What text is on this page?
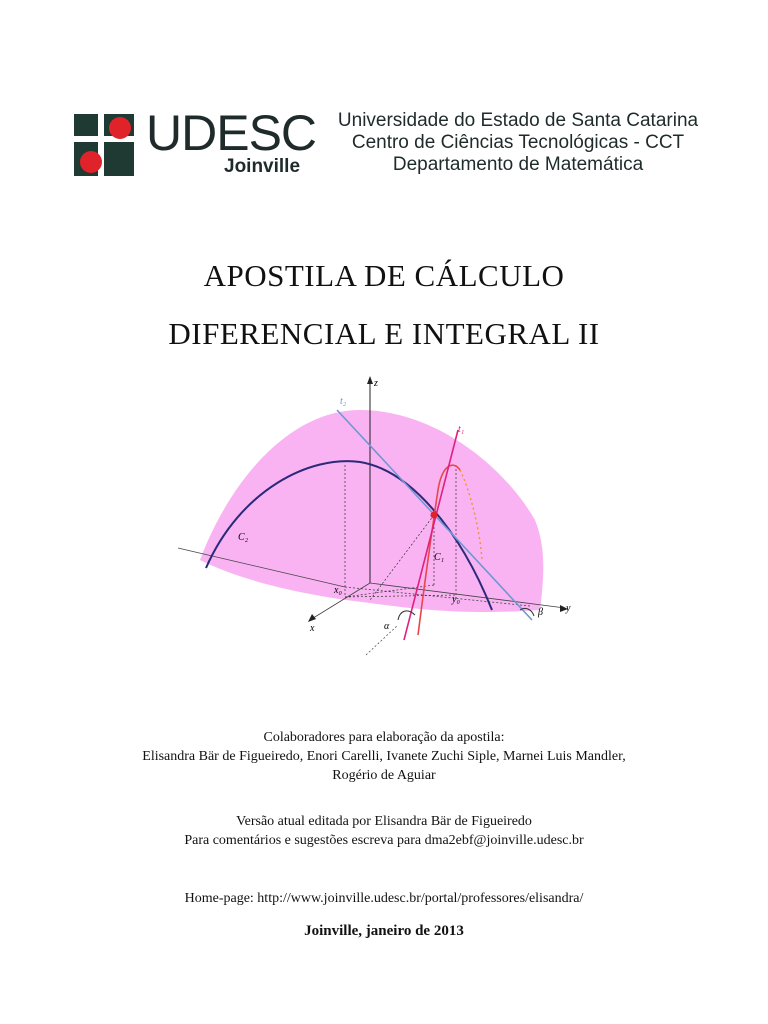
UDESC
Joinville
Universidade do Estado de Santa Catarina
Centro de Ciências Tecnológicas - CCT
Departamento de Matemática
APOSTILA DE CÁLCULO
DIFERENCIAL E INTEGRAL II
z
t₂
t₁
C₂
C₁
x₀
y₀
y
x	α
β
Colaboradores para elaboração da apostila:
Elisandra Bär de Figueiredo, Enori Carelli, Ivanete Zuchi Siple, Marnei Luis Mandler,
Rogério de Aguiar
Versão atual editada por Elisandra Bär de Figueiredo
Para comentários e sugestões escreva para dma2ebf@joinville.udesc.br
Home-page: http://www.joinville.udesc.br/portal/professores/elisandra/
Joinville, janeiro de 2013
